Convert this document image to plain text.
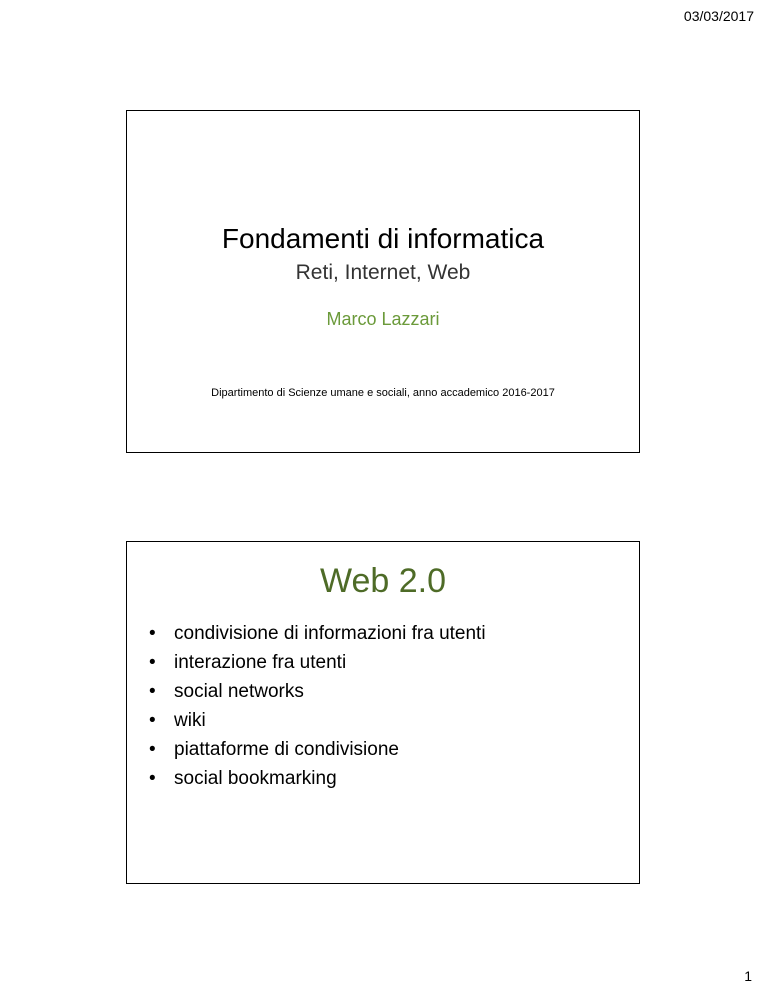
03/03/2017
Fondamenti di informatica
Reti, Internet, Web
Marco Lazzari
Dipartimento di Scienze umane e sociali, anno accademico 2016-2017
Web 2.0
• condivisione di informazioni fra utenti
• interazione fra utenti
• social networks
• wiki
• piattaforme di condivisione
• social bookmarking
1
